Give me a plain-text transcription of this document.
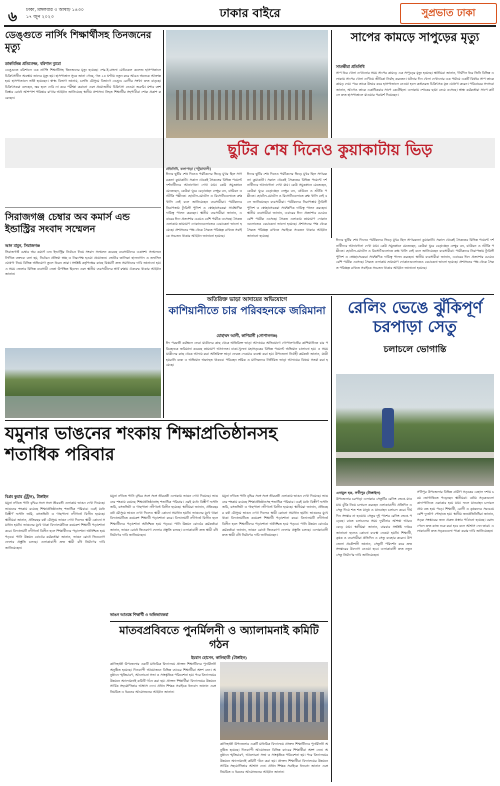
৬ ঢাকা, মঙ্গলবার ৩ আষাঢ় ১৪৩০
১৭ জুন ২০২৩	ঢাকার বাইরে	সুপ্রভাত ঢাকা
ডেঙ্গুতে নার্সিং শিক্ষার্থীসহ তিনজনের মৃত্যু
ডাকবিভিন্ন প্রতিবেদক, বরিশাল ব্যুরো
ডেঙ্গুতে বরিশালে এক নার্সিং শিক্ষার্থীসহ তিনজনের মৃত্যু হয়েছে। শের-ই-বাংলা মেডিকেল কলেজ হাসপাতালে চিকিৎসাধীন অবস্থায় তাদের মৃত্যু হয়। হাসপাতাল সূত্রে জানা গেছে, গত ২৪ ঘণ্টায় নতুন করে আরও অনেকে আক্রান্ত হয়ে হাসপাতালে ভর্তি হয়েছেন। স্বাস্থ্য বিভাগ জানায়, চলতি মৌসুমে বিভাগে ডেঙ্গু রোগীর সংখ্যা দ্রুত বাড়ছে। চিকিৎসকরা বলছেন, জ্বর হলে দেরি না করে পরীক্ষা করানো এবং প্রয়োজনীয় চিকিৎসা নেওয়া জরুরি। মশার বংশবিস্তার রোধে আশপাশ পরিষ্কার রাখার আহ্বান জানিয়েছে স্থানীয় প্রশাসন। নিহত শিক্ষার্থীর সহপাঠীরা শোক প্রকাশ করেছেন।
সিরাজগঞ্জ চেম্বার অব কমার্স এন্ড ইন্ডাস্ট্রির সংবাদ সম্মেলন
আল মামুন, সিরাজগঞ্জ
সিরাজগঞ্জ চেম্বার অব কমার্স এন্ড ইন্ডাস্ট্রির নির্বাচন নিয়ে সংবাদ সম্মেলন করেছে ব্যবসায়ীদের একাংশ। সম্মেলনে লিখিত বক্তব্যে বলা হয়, নির্বাচন প্রক্রিয়া স্বচ্ছ ও নিরপেক্ষ হওয়া প্রয়োজন। ভোটার তালিকা হালনাগাদ ও তফসিল ঘোষণা নিয়ে বিভিন্ন অভিযোগ তুলে ধরেন তারা। সংশ্লিষ্ট কর্তৃপক্ষের কাছে বিষয়টি দ্রুত সমাধানের দাবি জানানো হয়। এ সময় জেলার বিভিন্ন ব্যবসায়ী নেতা উপস্থিত ছিলেন এবং স্থানীয় ব্যবসায়ীদের স্বার্থ রক্ষায় ঐক্যবদ্ধ থাকার আহ্বান জানান।
সাপের কামড়ে সাপুড়ের মৃত্যু
সাতক্ষীরা প্রতিনিধি
সাপ ধরে খেলা দেখানোর সময় সাপের কামড়ে এক সাপুড়ের মৃত্যু হয়েছে। স্থানীয়রা জানান, দীর্ঘদিন ধরে তিনি বিভিন্ন এলাকায় সাপের খেলা দেখিয়ে জীবিকা নির্বাহ করতেন। ঘটনার দিন খেলা দেখানোর এক পর্যায়ে একটি বিষধর সাপ তাকে কামড় দেয়। পরে তাকে উদ্ধার করে হাসপাতালে নেওয়া হলে কর্তব্যরত চিকিৎসক মৃত ঘোষণা করেন। পরিবারের সদস্যরা জানান, আগেও তাকে একাধিকবার সাপে কেটেছিল। এলাকায় শোকের ছায়া নেমে এসেছে। স্বাস্থ্য কর্মকর্তারা সাপে কাটলে দ্রুত হাসপাতালে যাওয়ার পরামর্শ দিয়েছেন।
ছুটির শেষ দিনেও কুয়াকাটায় ভিড়
ঈদের ছুটির শেষ দিনেও পর্যটকদের ভিড়ে মুখর ছিল সাগরকন্যা কুয়াকাটা। সকাল থেকেই সৈকতের বিভিন্ন পয়েন্টে দর্শনার্থীদের আনাগোনা দেখা যায়। কেউ সমুদ্রস্নানে মেতেছেন, কেউবা ঘুরে বেড়াচ্ছেন লেম্বুর বন, ঝাউবন ও শুঁটকি পল্লীতে। হোটেল-মোটেল ও রিসোর্টগুলোতে কক্ষ খালি নেই বলে জানিয়েছেন ব্যবসায়ীরা। পর্যটকদের নিরাপত্তায় ট্যুরিস্ট পুলিশ ও স্বেচ্ছাসেবকরা সার্বক্ষণিক দায়িত্ব পালন করছেন। স্থানীয় ব্যবসায়ীরা জানান, এবারের ঈদে প্রত্যাশার চেয়েও বেশি পর্যটক এসেছে। সৈকত এলাকায় ভ্রাম্যমাণ দোকানগুলোতেও বেচাকেনা ভালো হয়েছে। প্রশাসনের পক্ষ থেকে সৈকত পরিচ্ছন্ন রাখতে সবাইকে সচেতন থাকার আহ্বান জানানো হয়েছে।
ঈদের ছুটির শেষ দিনেও পর্যটকদের ভিড়ে মুখর ছিল সাগরকন্যা কুয়াকাটা। সকাল থেকেই সৈকতের বিভিন্ন পয়েন্টে দর্শনার্থীদের আনাগোনা দেখা যায়। কেউ সমুদ্রস্নানে মেতেছেন, কেউবা ঘুরে বেড়াচ্ছেন লেম্বুর বন, ঝাউবন ও শুঁটকি পল্লীতে। হোটেল-মোটেল ও রিসোর্টগুলোতে কক্ষ খালি নেই বলে জানিয়েছেন ব্যবসায়ীরা। পর্যটকদের নিরাপত্তায় ট্যুরিস্ট পুলিশ ও স্বেচ্ছাসেবকরা সার্বক্ষণিক দায়িত্ব পালন করছেন। স্থানীয় ব্যবসায়ীরা জানান, এবারের ঈদে প্রত্যাশার চেয়েও বেশি পর্যটক এসেছে। সৈকত এলাকায় ভ্রাম্যমাণ দোকানগুলোতেও বেচাকেনা ভালো হয়েছে। প্রশাসনের পক্ষ থেকে সৈকত পরিচ্ছন্ন রাখতে সবাইকে সচেতন থাকার আহ্বান জানানো হয়েছে।
ঈদের ছুটির শেষ দিনেও পর্যটকদের ভিড়ে মুখর ছিল সাগরকন্যা কুয়াকাটা। সকাল থেকেই সৈকতের বিভিন্ন পয়েন্টে দর্শনার্থীদের আনাগোনা দেখা যায়। কেউ সমুদ্রস্নানে মেতেছেন, কেউবা ঘুরে বেড়াচ্ছেন লেম্বুর বন, ঝাউবন ও শুঁটকি পল্লীতে। হোটেল-মোটেল ও রিসোর্টগুলোতে কক্ষ খালি নেই বলে জানিয়েছেন ব্যবসায়ীরা। পর্যটকদের নিরাপত্তায় ট্যুরিস্ট পুলিশ ও স্বেচ্ছাসেবকরা সার্বক্ষণিক দায়িত্ব পালন করছেন। স্থানীয় ব্যবসায়ীরা জানান, এবারের ঈদে প্রত্যাশার চেয়েও বেশি পর্যটক এসেছে। সৈকত এলাকায় ভ্রাম্যমাণ দোকানগুলোতেও বেচাকেনা ভালো হয়েছে। প্রশাসনের পক্ষ থেকে সৈকত পরিচ্ছন্ন রাখতে সবাইকে সচেতন থাকার আহ্বান জানানো হয়েছে।
প্রতিনিধি, কলাপাড়া (পটুয়াখালী)
অতিরিক্ত ভাড়া আদায়ের অভিযোগে
কাশিয়ানীতে চার পরিবহনকে জরিমানা
মোহাম্মদ আলী, কাশিয়ানী (গোপালগঞ্জ)
ঈদ পরবর্তী কর্মস্থলে ফেরা যাত্রীদের কাছ থেকে অতিরিক্ত ভাড়া আদায়ের অভিযোগে গোপালগঞ্জের কাশিয়ানীতে চার পরিবহনকে জরিমানা করেছে ভ্রাম্যমাণ আদালত। ঢাকা-খুলনা মহাসড়কের বিভিন্ন পয়েন্টে অভিযান চালানো হয়। এ সময় যাত্রীদের কাছ থেকে আদায় করা অতিরিক্ত ভাড়া ফেরত দেওয়ার ব্যবস্থা করা হয়। উপজেলা নির্বাহী কর্মকর্তা জানান, যাত্রী হয়রানি বন্ধে এ অভিযান অব্যাহত থাকবে। পরিবহন শ্রমিক ও মালিকদের নির্ধারিত ভাড়া আদায়ের বিষয়ে সতর্ক করা হয়েছে।
রেলিং ভেঙে ঝুঁকিপূর্ণ চরপাড়া সেতু
চলাচলে ভোগান্তি
যমুনার ভাঙনের শংকায় শিক্ষাপ্রতিষ্ঠানসহ শতাধিক পরিবার
বিপ্লব কুমার (টুটুল), টাঙ্গাইল
যমুনা নদীতে পানি বৃদ্ধির সঙ্গে সঙ্গে তীরবর্তী এলাকায় ভাঙন দেখা দিয়েছে। ভাঙনের শংকায় রয়েছে শিক্ষাপ্রতিষ্ঠানসহ শতাধিক পরিবার। এরই মধ্যে বিস্তীর্ণ ফসলি জমি, বসতভিটা ও গাছপালা নদীগর্ভে বিলীন হয়েছে। স্থানীয়রা জানান, প্রতিবছর বর্ষা মৌসুমে ভাঙন দেখা দিলেও স্থায়ী কোনো সমাধান হয়নি। ভাঙনের মুখে থাকা বিদ্যালয়টিতে কয়েকশ শিক্ষার্থী পড়াশোনা করে। বিদ্যালয়টি নদীগর্ভে বিলীন হলে শিক্ষার্থীদের পড়াশোনা অনিশ্চিত হয়ে পড়বে। পানি উন্নয়ন বোর্ডের কর্মকর্তারা জানান, ভাঙন রোধে জিওব্যাগ ফেলার প্রস্তুতি চলছে। এলাকাবাসী দ্রুত স্থায়ী বাঁধ নির্মাণের দাবি জানিয়েছেন।
যমুনা নদীতে পানি বৃদ্ধির সঙ্গে সঙ্গে তীরবর্তী এলাকায় ভাঙন দেখা দিয়েছে। ভাঙনের শংকায় রয়েছে শিক্ষাপ্রতিষ্ঠানসহ শতাধিক পরিবার। এরই মধ্যে বিস্তীর্ণ ফসলি জমি, বসতভিটা ও গাছপালা নদীগর্ভে বিলীন হয়েছে। স্থানীয়রা জানান, প্রতিবছর বর্ষা মৌসুমে ভাঙন দেখা দিলেও স্থায়ী কোনো সমাধান হয়নি। ভাঙনের মুখে থাকা বিদ্যালয়টিতে কয়েকশ শিক্ষার্থী পড়াশোনা করে। বিদ্যালয়টি নদীগর্ভে বিলীন হলে শিক্ষার্থীদের পড়াশোনা অনিশ্চিত হয়ে পড়বে। পানি উন্নয়ন বোর্ডের কর্মকর্তারা জানান, ভাঙন রোধে জিওব্যাগ ফেলার প্রস্তুতি চলছে। এলাকাবাসী দ্রুত স্থায়ী বাঁধ নির্মাণের দাবি জানিয়েছেন।
ভাঙন আতঙ্কে শিক্ষার্থী ও অভিভাবকরা
যমুনা নদীতে পানি বৃদ্ধির সঙ্গে সঙ্গে তীরবর্তী এলাকায় ভাঙন দেখা দিয়েছে। ভাঙনের শংকায় রয়েছে শিক্ষাপ্রতিষ্ঠানসহ শতাধিক পরিবার। এরই মধ্যে বিস্তীর্ণ ফসলি জমি, বসতভিটা ও গাছপালা নদীগর্ভে বিলীন হয়েছে। স্থানীয়রা জানান, প্রতিবছর বর্ষা মৌসুমে ভাঙন দেখা দিলেও স্থায়ী কোনো সমাধান হয়নি। ভাঙনের মুখে থাকা বিদ্যালয়টিতে কয়েকশ শিক্ষার্থী পড়াশোনা করে। বিদ্যালয়টি নদীগর্ভে বিলীন হলে শিক্ষার্থীদের পড়াশোনা অনিশ্চিত হয়ে পড়বে। পানি উন্নয়ন বোর্ডের কর্মকর্তারা জানান, ভাঙন রোধে জিওব্যাগ ফেলার প্রস্তুতি চলছে। এলাকাবাসী দ্রুত স্থায়ী বাঁধ নির্মাণের দাবি জানিয়েছেন।
মাতবপ্রবিবতে পুনর্মিলনী ও অ্যালামনাই কমিটি গঠন
ইমরান হোসেন, কালিহাতী (টাঙ্গাইল)
কালিহাতী উপজেলার একটি মাধ্যমিক বিদ্যালয়ে প্রাক্তন শিক্ষার্থীদের পুনর্মিলনী অনুষ্ঠিত হয়েছে। দিনব্যাপী আয়োজনে বিভিন্ন ব্যাচের শিক্ষার্থীরা অংশ নেন। অনুষ্ঠানে স্মৃতিচারণ, আলোচনা সভা ও সাংস্কৃতিক পরিবেশনা হয়। পরে বিদ্যালয়ের উন্নয়নে অ্যালামনাই কমিটি গঠন করা হয়। প্রাক্তন শিক্ষার্থীরা বিদ্যালয়ের উন্নয়নে সার্বিক সহযোগিতার আশ্বাস দেন। প্রধান শিক্ষক সবাইকে ধন্যবাদ জানান এবং নিয়মিত এ ধরনের আয়োজনের আহ্বান জানান।
কালিহাতী উপজেলার একটি মাধ্যমিক বিদ্যালয়ে প্রাক্তন শিক্ষার্থীদের পুনর্মিলনী অনুষ্ঠিত হয়েছে। দিনব্যাপী আয়োজনে বিভিন্ন ব্যাচের শিক্ষার্থীরা অংশ নেন। অনুষ্ঠানে স্মৃতিচারণ, আলোচনা সভা ও সাংস্কৃতিক পরিবেশনা হয়। পরে বিদ্যালয়ের উন্নয়নে অ্যালামনাই কমিটি গঠন করা হয়। প্রাক্তন শিক্ষার্থীরা বিদ্যালয়ের উন্নয়নে সার্বিক সহযোগিতার আশ্বাস দেন। প্রধান শিক্ষক সবাইকে ধন্যবাদ জানান এবং নিয়মিত এ ধরনের আয়োজনের আহ্বান জানান।
এনামুল হক, সখীপুর (টাঙ্গাইল)
উপজেলার চরপাড়া এলাকার সেতুটির রেলিং ভেঙে যাওয়ায় ঝুঁকি নিয়ে চলাচল করছেন এলাকাবাসী। প্রতিদিন এ সেতু দিয়ে শত শত মানুষ ও যানবাহন চলাচল করে। দীর্ঘদিন সংস্কার না হওয়ায় সেতুর দুই পাশের রেলিং ভেঙে পড়েছে। রাতে চলাচলের সময় দুর্ঘটনার আশঙ্কা আরও বেড়ে যায়। স্থানীয়রা জানান, বারবার সংশ্লিষ্ট দপ্তরে জানানো হলেও কোনো ব্যবস্থা নেওয়া হয়নি। শিক্ষার্থী, কৃষক ও ব্যবসায়ীরা প্রতিদিন এ সেতু ব্যবহার করেন। উপজেলা প্রকৌশলী জানান, সেতুটি পরিদর্শন করে দ্রুত সংস্কারের উদ্যোগ নেওয়া হবে। এলাকাবাসী দ্রুত নতুন সেতু নির্মাণের দাবি জানিয়েছেন।
সখীপুর উপজেলার বিভিন্ন গ্রামীণ সড়কের বেহাল দশায় চরম ভোগান্তিতে পড়েছেন স্থানীয়রা। বর্ষায় সড়কগুলো কাদাপানিতে একাকার হয়ে যায়। ফলে যানবাহন চলাচল প্রায় বন্ধ হয়ে পড়ে। শিক্ষার্থী, রোগী ও কৃষকদের সবচেয়ে বেশি দুর্ভোগ পোহাতে হয়। স্থানীয় জনপ্রতিনিধিরা জানান, সড়ক সংস্কারের জন্য প্রকল্প প্রস্তাব পাঠানো হয়েছে। বরাদ্দ পেলে দ্রুত কাজ শুরু করা হবে বলে আশ্বাস দেন তারা। এলাকাবাসী দ্রুত সড়কগুলো পাকা করার দাবি জানিয়েছেন।
